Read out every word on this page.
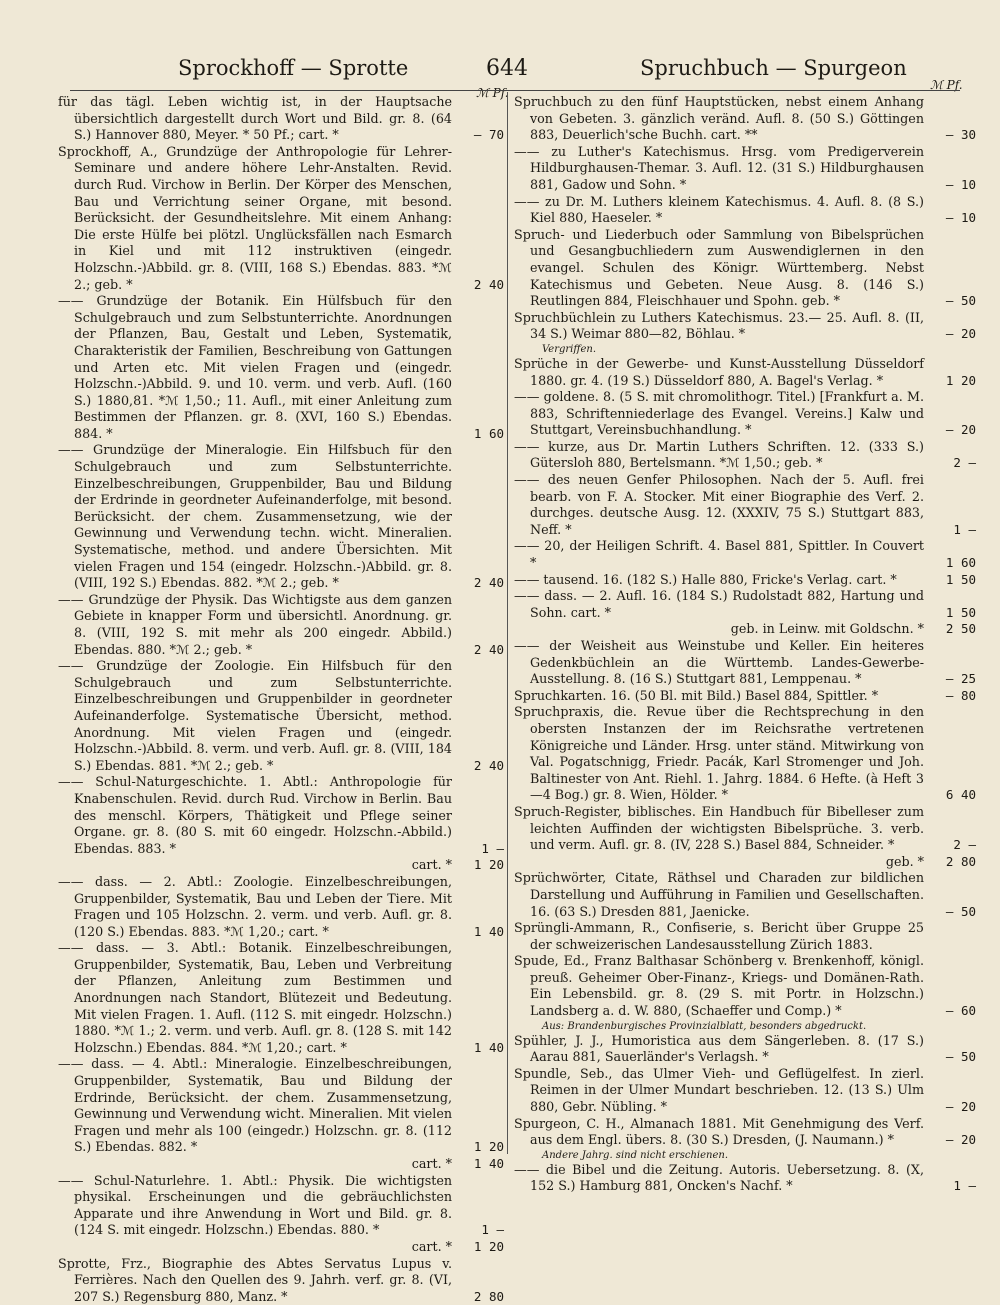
Sprockhoff — Sprotte	644	Spruchbuch — Spurgeon
ℳ Pf.
ℳ Pf.
für das tägl. Leben wichtig ist, in der Hauptsache übersichtlich dargestellt durch Wort und Bild. gr. 8. (64 S.) Hannover 880, Meyer. * 50 Pf.; cart. *	— 70
Sprockhoff, A., Grundzüge der Anthropologie für Lehrer-Seminare und andere höhere Lehr-Anstalten. Revid. durch Rud. Virchow in Berlin. Der Körper des Menschen, Bau und Verrichtung seiner Organe, mit besond. Berücksicht. der Gesundheitslehre. Mit einem Anhang: Die erste Hülfe bei plötzl. Unglücksfällen nach Esmarch in Kiel und mit 112 instruktiven (eingedr. Holzschn.-)Abbild. gr. 8. (VIII, 168 S.) Ebendas. 883. *ℳ 2.; geb. *	2 40
—— Grundzüge der Botanik. Ein Hülfsbuch für den Schulgebrauch und zum Selbstunterrichte. Anordnungen der Pflanzen, Bau, Gestalt und Leben, Systematik, Charakteristik der Familien, Beschreibung von Gattungen und Arten etc. Mit vielen Fragen und (eingedr. Holzschn.-)Abbild. 9. und 10. verm. und verb. Aufl. (160 S.) 1880,81. *ℳ 1,50.; 11. Aufl., mit einer Anleitung zum Bestimmen der Pflanzen. gr. 8. (XVI, 160 S.) Ebendas. 884. *	1 60
—— Grundzüge der Mineralogie. Ein Hilfsbuch für den Schulgebrauch und zum Selbstunterrichte. Einzelbeschreibungen, Gruppenbilder, Bau und Bildung der Erdrinde in geordneter Aufeinanderfolge, mit besond. Berücksicht. der chem. Zusammensetzung, wie der Gewinnung und Verwendung techn. wicht. Mineralien. Systematische, method. und andere Übersichten. Mit vielen Fragen und 154 (eingedr. Holzschn.-)Abbild. gr. 8. (VIII, 192 S.) Ebendas. 882. *ℳ 2.; geb. *	2 40
—— Grundzüge der Physik. Das Wichtigste aus dem ganzen Gebiete in knapper Form und übersichtl. Anordnung. gr. 8. (VIII, 192 S. mit mehr als 200 eingedr. Abbild.) Ebendas. 880. *ℳ 2.; geb. *	2 40
—— Grundzüge der Zoologie. Ein Hilfsbuch für den Schulgebrauch und zum Selbstunterrichte. Einzelbeschreibungen und Gruppenbilder in geordneter Aufeinanderfolge. Systematische Übersicht, method. Anordnung. Mit vielen Fragen und (eingedr. Holzschn.-)Abbild. 8. verm. und verb. Aufl. gr. 8. (VIII, 184 S.) Ebendas. 881. *ℳ 2.; geb. *	2 40
—— Schul-Naturgeschichte. 1. Abtl.: Anthropologie für Knabenschulen. Revid. durch Rud. Virchow in Berlin. Bau des menschl. Körpers, Thätigkeit und Pflege seiner Organe. gr. 8. (80 S. mit 60 eingedr. Holzschn.-Abbild.) Ebendas. 883. *	1 —
cart. *	1 20
—— dass. — 2. Abtl.: Zoologie. Einzelbeschreibungen, Gruppenbilder, Systematik, Bau und Leben der Tiere. Mit Fragen und 105 Holzschn. 2. verm. und verb. Aufl. gr. 8. (120 S.) Ebendas. 883. *ℳ 1,20.; cart. *	1 40
—— dass. — 3. Abtl.: Botanik. Einzelbeschreibungen, Gruppenbilder, Systematik, Bau, Leben und Verbreitung der Pflanzen, Anleitung zum Bestimmen und Anordnungen nach Standort, Blütezeit und Bedeutung. Mit vielen Fragen. 1. Aufl. (112 S. mit eingedr. Holzschn.) 1880. *ℳ 1.; 2. verm. und verb. Aufl. gr. 8. (128 S. mit 142 Holzschn.) Ebendas. 884. *ℳ 1,20.; cart. *	1 40
—— dass. — 4. Abtl.: Mineralogie. Einzelbeschreibungen, Gruppenbilder, Systematik, Bau und Bildung der Erdrinde, Berücksicht. der chem. Zusammensetzung, Gewinnung und Verwendung wicht. Mineralien. Mit vielen Fragen und mehr als 100 (eingedr.) Holzschn. gr. 8. (112 S.) Ebendas. 882. *	1 20
cart. *	1 40
—— Schul-Naturlehre. 1. Abtl.: Physik. Die wichtigsten physikal. Erscheinungen und die gebräuchlichsten Apparate und ihre Anwendung in Wort und Bild. gr. 8. (124 S. mit eingedr. Holzschn.) Ebendas. 880. *	1 —
cart. *	1 20
Sprotte, Frz., Biographie des Abtes Servatus Lupus v. Ferrières. Nach den Quellen des 9. Jahrh. verf. gr. 8. (VI, 207 S.) Regensburg 880, Manz. *	2 80
Spruchbuch zu den fünf Hauptstücken, nebst einem Anhang von Gebeten. 3. gänzlich veränd. Aufl. 8. (50 S.) Göttingen 883, Deuerlich'sche Buchh. cart. **	— 30
—— zu Luther's Katechismus. Hrsg. vom Predigerverein Hildburghausen-Themar. 3. Aufl. 12. (31 S.) Hildburghausen 881, Gadow und Sohn. *	— 10
—— zu Dr. M. Luthers kleinem Katechismus. 4. Aufl. 8. (8 S.) Kiel 880, Haeseler. *	— 10
Spruch- und Liederbuch oder Sammlung von Bibelsprüchen und Gesangbuchliedern zum Auswendiglernen in den evangel. Schulen des Königr. Württemberg. Nebst Katechismus und Gebeten. Neue Ausg. 8. (146 S.) Reutlingen 884, Fleischhauer und Spohn. geb. *	— 50
Spruchbüchlein zu Luthers Katechismus. 23.— 25. Aufl. 8. (II, 34 S.) Weimar 880—82, Böhlau. *	— 20
Vergriffen.
Sprüche in der Gewerbe- und Kunst-Ausstellung Düsseldorf 1880. gr. 4. (19 S.) Düsseldorf 880, A. Bagel's Verlag. *	1 20
—— goldene. 8. (5 S. mit chromolithogr. Titel.) [Frankfurt a. M. 883, Schriftenniederlage des Evangel. Vereins.] Kalw und Stuttgart, Vereinsbuchhandlung. *	— 20
—— kurze, aus Dr. Martin Luthers Schriften. 12. (333 S.) Gütersloh 880, Bertelsmann. *ℳ 1,50.; geb. *	2 —
—— des neuen Genfer Philosophen. Nach der 5. Aufl. frei bearb. von F. A. Stocker. Mit einer Biographie des Verf. 2. durchges. deutsche Ausg. 12. (XXXIV, 75 S.) Stuttgart 883, Neff. *	1 —
—— 20, der Heiligen Schrift. 4. Basel 881, Spittler. In Couvert *	1 60
—— tausend. 16. (182 S.) Halle 880, Fricke's Verlag. cart. *	1 50
—— dass. — 2. Aufl. 16. (184 S.) Rudolstadt 882, Hartung und Sohn. cart. *	1 50
geb. in Leinw. mit Goldschn. *	2 50
—— der Weisheit aus Weinstube und Keller. Ein heiteres Gedenkbüchlein an die Württemb. Landes-Gewerbe-Ausstellung. 8. (16 S.) Stuttgart 881, Lemppenau. *	— 25
Spruchkarten. 16. (50 Bl. mit Bild.) Basel 884, Spittler. *	— 80
Spruchpraxis, die. Revue über die Rechtsprechung in den obersten Instanzen der im Reichsrathe vertretenen Königreiche und Länder. Hrsg. unter ständ. Mitwirkung von Val. Pogatschnigg, Friedr. Pacák, Karl Stromenger und Joh. Baltinester von Ant. Riehl. 1. Jahrg. 1884. 6 Hefte. (à Heft 3—4 Bog.) gr. 8. Wien, Hölder. *	6 40
Spruch-Register, biblisches. Ein Handbuch für Bibelleser zum leichten Auffinden der wichtigsten Bibelsprüche. 3. verb. und verm. Aufl. gr. 8. (IV, 228 S.) Basel 884, Schneider. *	2 —
geb. *	2 80
Sprüchwörter, Citate, Räthsel und Charaden zur bildlichen Darstellung und Aufführung in Familien und Gesellschaften. 16. (63 S.) Dresden 881, Jaenicke.	— 50
Sprüngli-Ammann, R., Confiserie, s. Bericht über Gruppe 25 der schweizerischen Landesausstellung Zürich 1883.
Spude, Ed., Franz Balthasar Schönberg v. Brenkenhoff, königl. preuß. Geheimer Ober-Finanz-, Kriegs- und Domänen-Rath. Ein Lebensbild. gr. 8. (29 S. mit Portr. in Holzschn.) Landsberg a. d. W. 880, (Schaeffer und Comp.) *	— 60
Aus: Brandenburgisches Provinzialblatt, besonders abgedruckt.
Spühler, J. J., Humoristica aus dem Sängerleben. 8. (17 S.) Aarau 881, Sauerländer's Verlagsh. *	— 50
Spundle, Seb., das Ulmer Vieh- und Geflügelfest. In zierl. Reimen in der Ulmer Mundart beschrieben. 12. (13 S.) Ulm 880, Gebr. Nübling. *	— 20
Spurgeon, C. H., Almanach 1881. Mit Genehmigung des Verf. aus dem Engl. übers. 8. (30 S.) Dresden, (J. Naumann.) *	— 20
Andere Jahrg. sind nicht erschienen.
—— die Bibel und die Zeitung. Autoris. Uebersetzung. 8. (X, 152 S.) Hamburg 881, Oncken's Nachf. *	1 —
